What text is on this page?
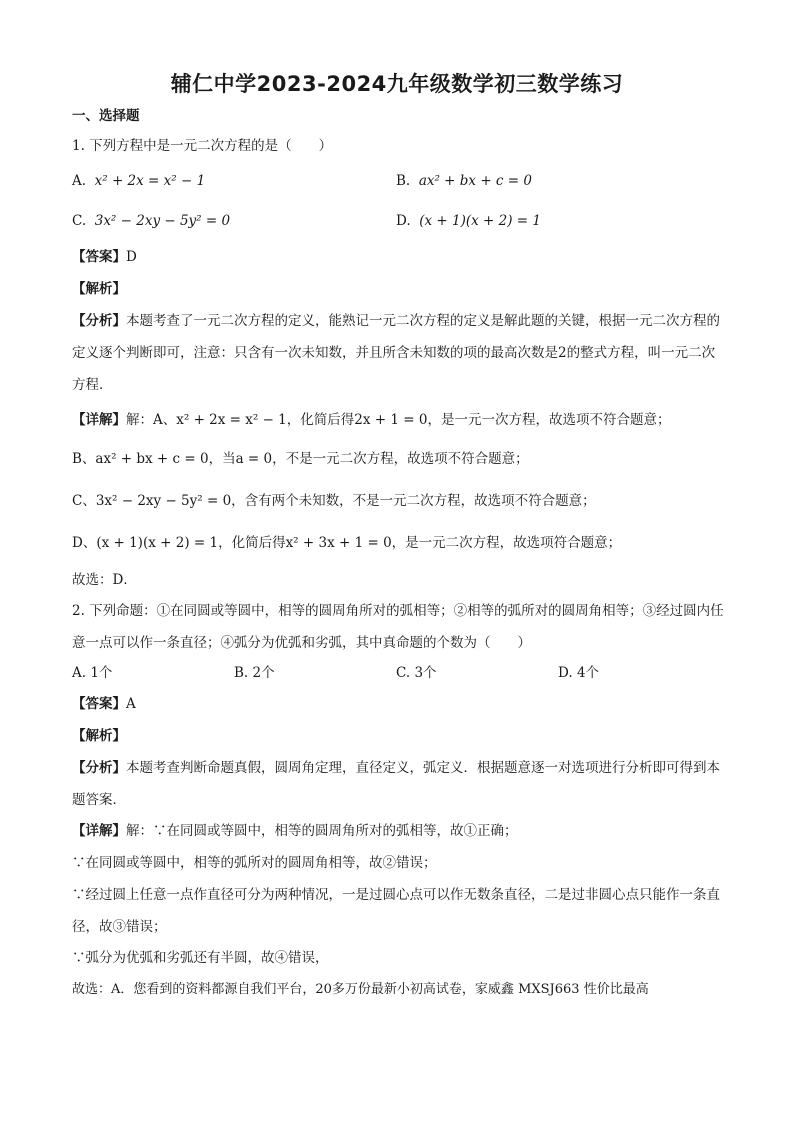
辅仁中学2023-2024九年级数学初三数学练习
一、选择题
1. 下列方程中是一元二次方程的是（　　）
A. x² + 2x = x² − 1	B. ax² + bx + c = 0
C. 3x² − 2xy − 5y² = 0	D. (x + 1)(x + 2) = 1
【答案】D
【解析】
【分析】本题考查了一元二次方程的定义，能熟记一元二次方程的定义是解此题的关键，根据一元二次方程的定义逐个判断即可，注意：只含有一次未知数，并且所含未知数的项的最高次数是2的整式方程，叫一元二次方程．
【详解】解：A、x² + 2x = x² − 1，化简后得2x + 1 = 0，是一元一次方程，故选项不符合题意；
B、ax² + bx + c = 0，当a = 0，不是一元二次方程，故选项不符合题意；
C、3x² − 2xy − 5y² = 0，含有两个未知数，不是一元二次方程，故选项不符合题意；
D、(x + 1)(x + 2) = 1，化简后得x² + 3x + 1 = 0，是一元二次方程，故选项符合题意；
故选：D．
2. 下列命题：①在同圆或等圆中，相等的圆周角所对的弧相等；②相等的弧所对的圆周角相等；③经过圆内任意一点可以作一条直径；④弧分为优弧和劣弧，其中真命题的个数为（　　）
A. 1个	B. 2个	C. 3个	D. 4个
【答案】A
【解析】
【分析】本题考查判断命题真假，圆周角定理，直径定义，弧定义．根据题意逐一对选项进行分析即可得到本题答案．
【详解】解：∵在同圆或等圆中，相等的圆周角所对的弧相等，故①正确；
∵在同圆或等圆中，相等的弧所对的圆周角相等，故②错误；
∵经过圆上任意一点作直径可分为两种情况，一是过圆心点可以作无数条直径，二是过非圆心点只能作一条直径，故③错误；
∵弧分为优弧和劣弧还有半圆，故④错误，
故选：A．您看到的资料都源自我们平台，20多万份最新小初高试卷，家威鑫 MXSJ663 性价比最高
